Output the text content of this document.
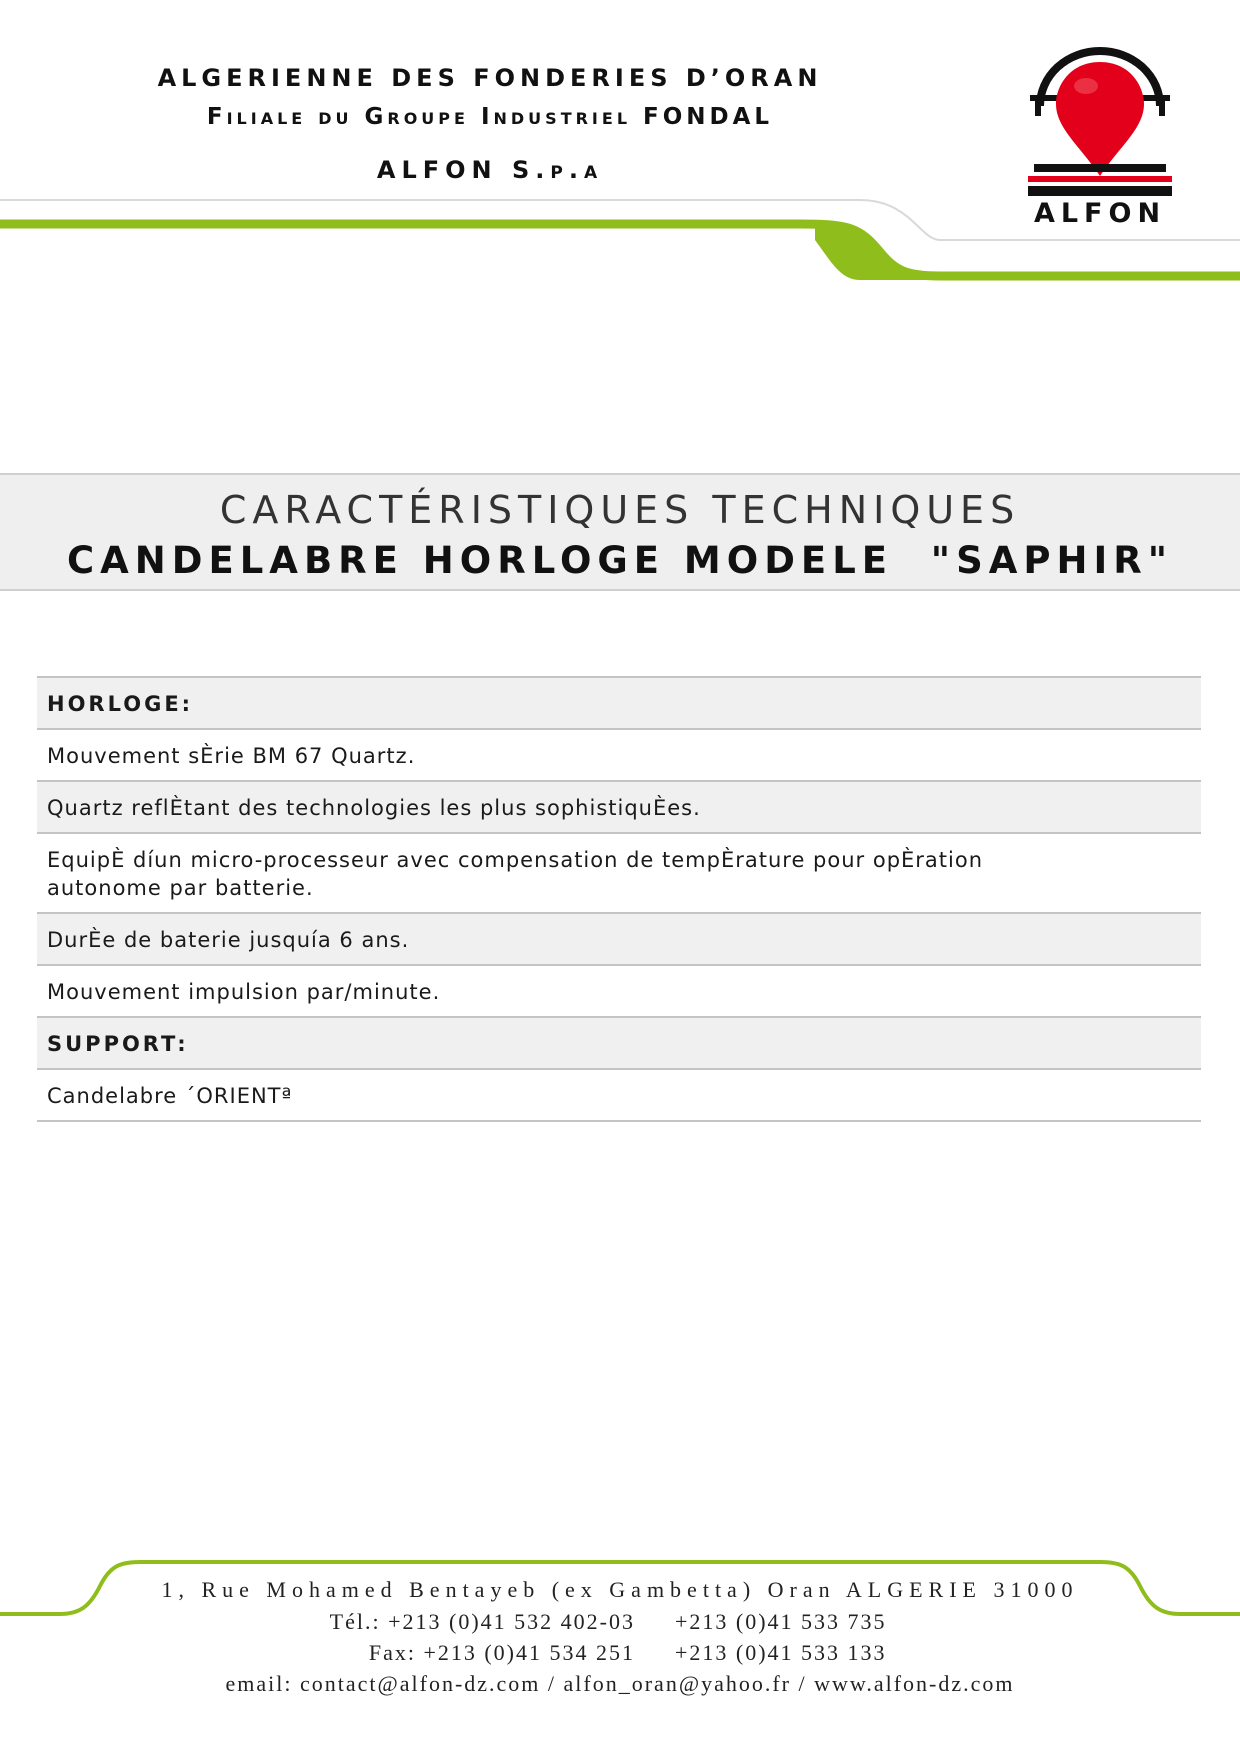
ALGERIENNE DES FONDERIES D’ORAN
Filiale du Groupe Industriel FONDAL
ALFON S.p.a
ALFON
CARACTÉRISTIQUES TECHNIQUES
CANDELABRE HORLOGE MODELE  "SAPHIR"
HORLOGE:
Mouvement sÈrie BM 67 Quartz.
Quartz reflÈtant des technologies les plus sophistiquÈes.
EquipÈ díun micro-processeur avec compensation de tempÈrature pour opÈration autonome par batterie.
DurÈe de baterie jusquía 6 ans.
Mouvement impulsion par/minute.
SUPPORT:
Candelabre ´ORIENTª
1, Rue Mohamed Bentayeb (ex Gambetta) Oran ALGERIE 31000
Tél.: +213 (0)41 532 402-03 +213 (0)41 533 735
Fax: +213 (0)41 534 251 +213 (0)41 533 133
email: contact@alfon-dz.com / alfon_oran@yahoo.fr / www.alfon-dz.com
